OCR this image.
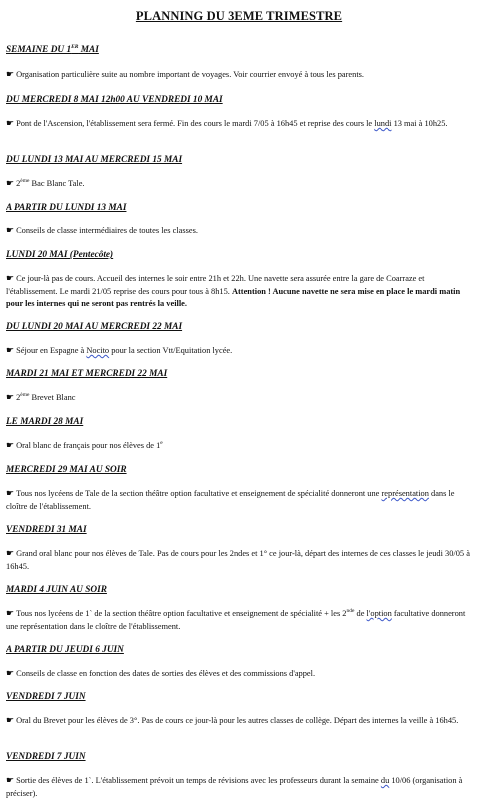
PLANNING DU 3EME TRIMESTRE
SEMAINE DU 1ER MAI
☛ Organisation particulière suite au nombre important de voyages. Voir courrier envoyé à tous les parents.
DU MERCREDI 8 MAI 12h00 AU VENDREDI 10 MAI
☛ Pont de l'Ascension, l'établissement sera fermé. Fin des cours le mardi 7/05 à 16h45 et reprise des cours le lundi 13 mai à 10h25.
DU LUNDI 13 MAI AU MERCREDI 15 MAI
☛ 2ème Bac Blanc Tale.
A PARTIR DU LUNDI 13 MAI
☛ Conseils de classe intermédiaires de toutes les classes.
LUNDI 20 MAI (Pentecôte)
☛ Ce jour-là pas de cours. Accueil des internes le soir entre 21h et 22h. Une navette sera assurée entre la gare de Coarraze et l'établissement. Le mardi 21/05 reprise des cours pour tous à 8h15. Attention ! Aucune navette ne sera mise en place le mardi matin pour les internes qui ne seront pas rentrés la veille.
DU LUNDI 20 MAI AU MERCREDI 22 MAI
☛ Séjour en Espagne à Nocito pour la section Vtt/Equitation lycée.
MARDI 21 MAI ET MERCREDI 22 MAI
☛ 2ème Brevet Blanc
LE MARDI 28 MAI
☛ Oral blanc de français pour nos élèves de 1e
MERCREDI 29 MAI AU SOIR
☛ Tous nos lycéens de Tale de la section théâtre option facultative et enseignement de spécialité donneront une représentation dans le cloître de l'établissement.
VENDREDI 31 MAI
☛ Grand oral blanc pour nos élèves de Tale. Pas de cours pour les 2ndes et 1° ce jour-là, départ des internes de ces classes le jeudi 30/05 à 16h45.
MARDI 4 JUIN AU SOIR
☛ Tous nos lycéens de 1` de la section théâtre option facultative et enseignement de spécialité + les 2nde de l'option facultative donneront une représentation dans le cloître de l'établissement.
A PARTIR DU JEUDI 6 JUIN
☛ Conseils de classe en fonction des dates de sorties des élèves et des commissions d'appel.
VENDREDI 7 JUIN
☛ Oral du Brevet pour les élèves de 3°. Pas de cours ce jour-là pour les autres classes de collège. Départ des internes la veille à 16h45.
VENDREDI 7 JUIN
☛ Sortie des élèves de 1`. L'établissement prévoit un temps de révisions avec les professeurs durant la semaine du 10/06 (organisation à préciser).
